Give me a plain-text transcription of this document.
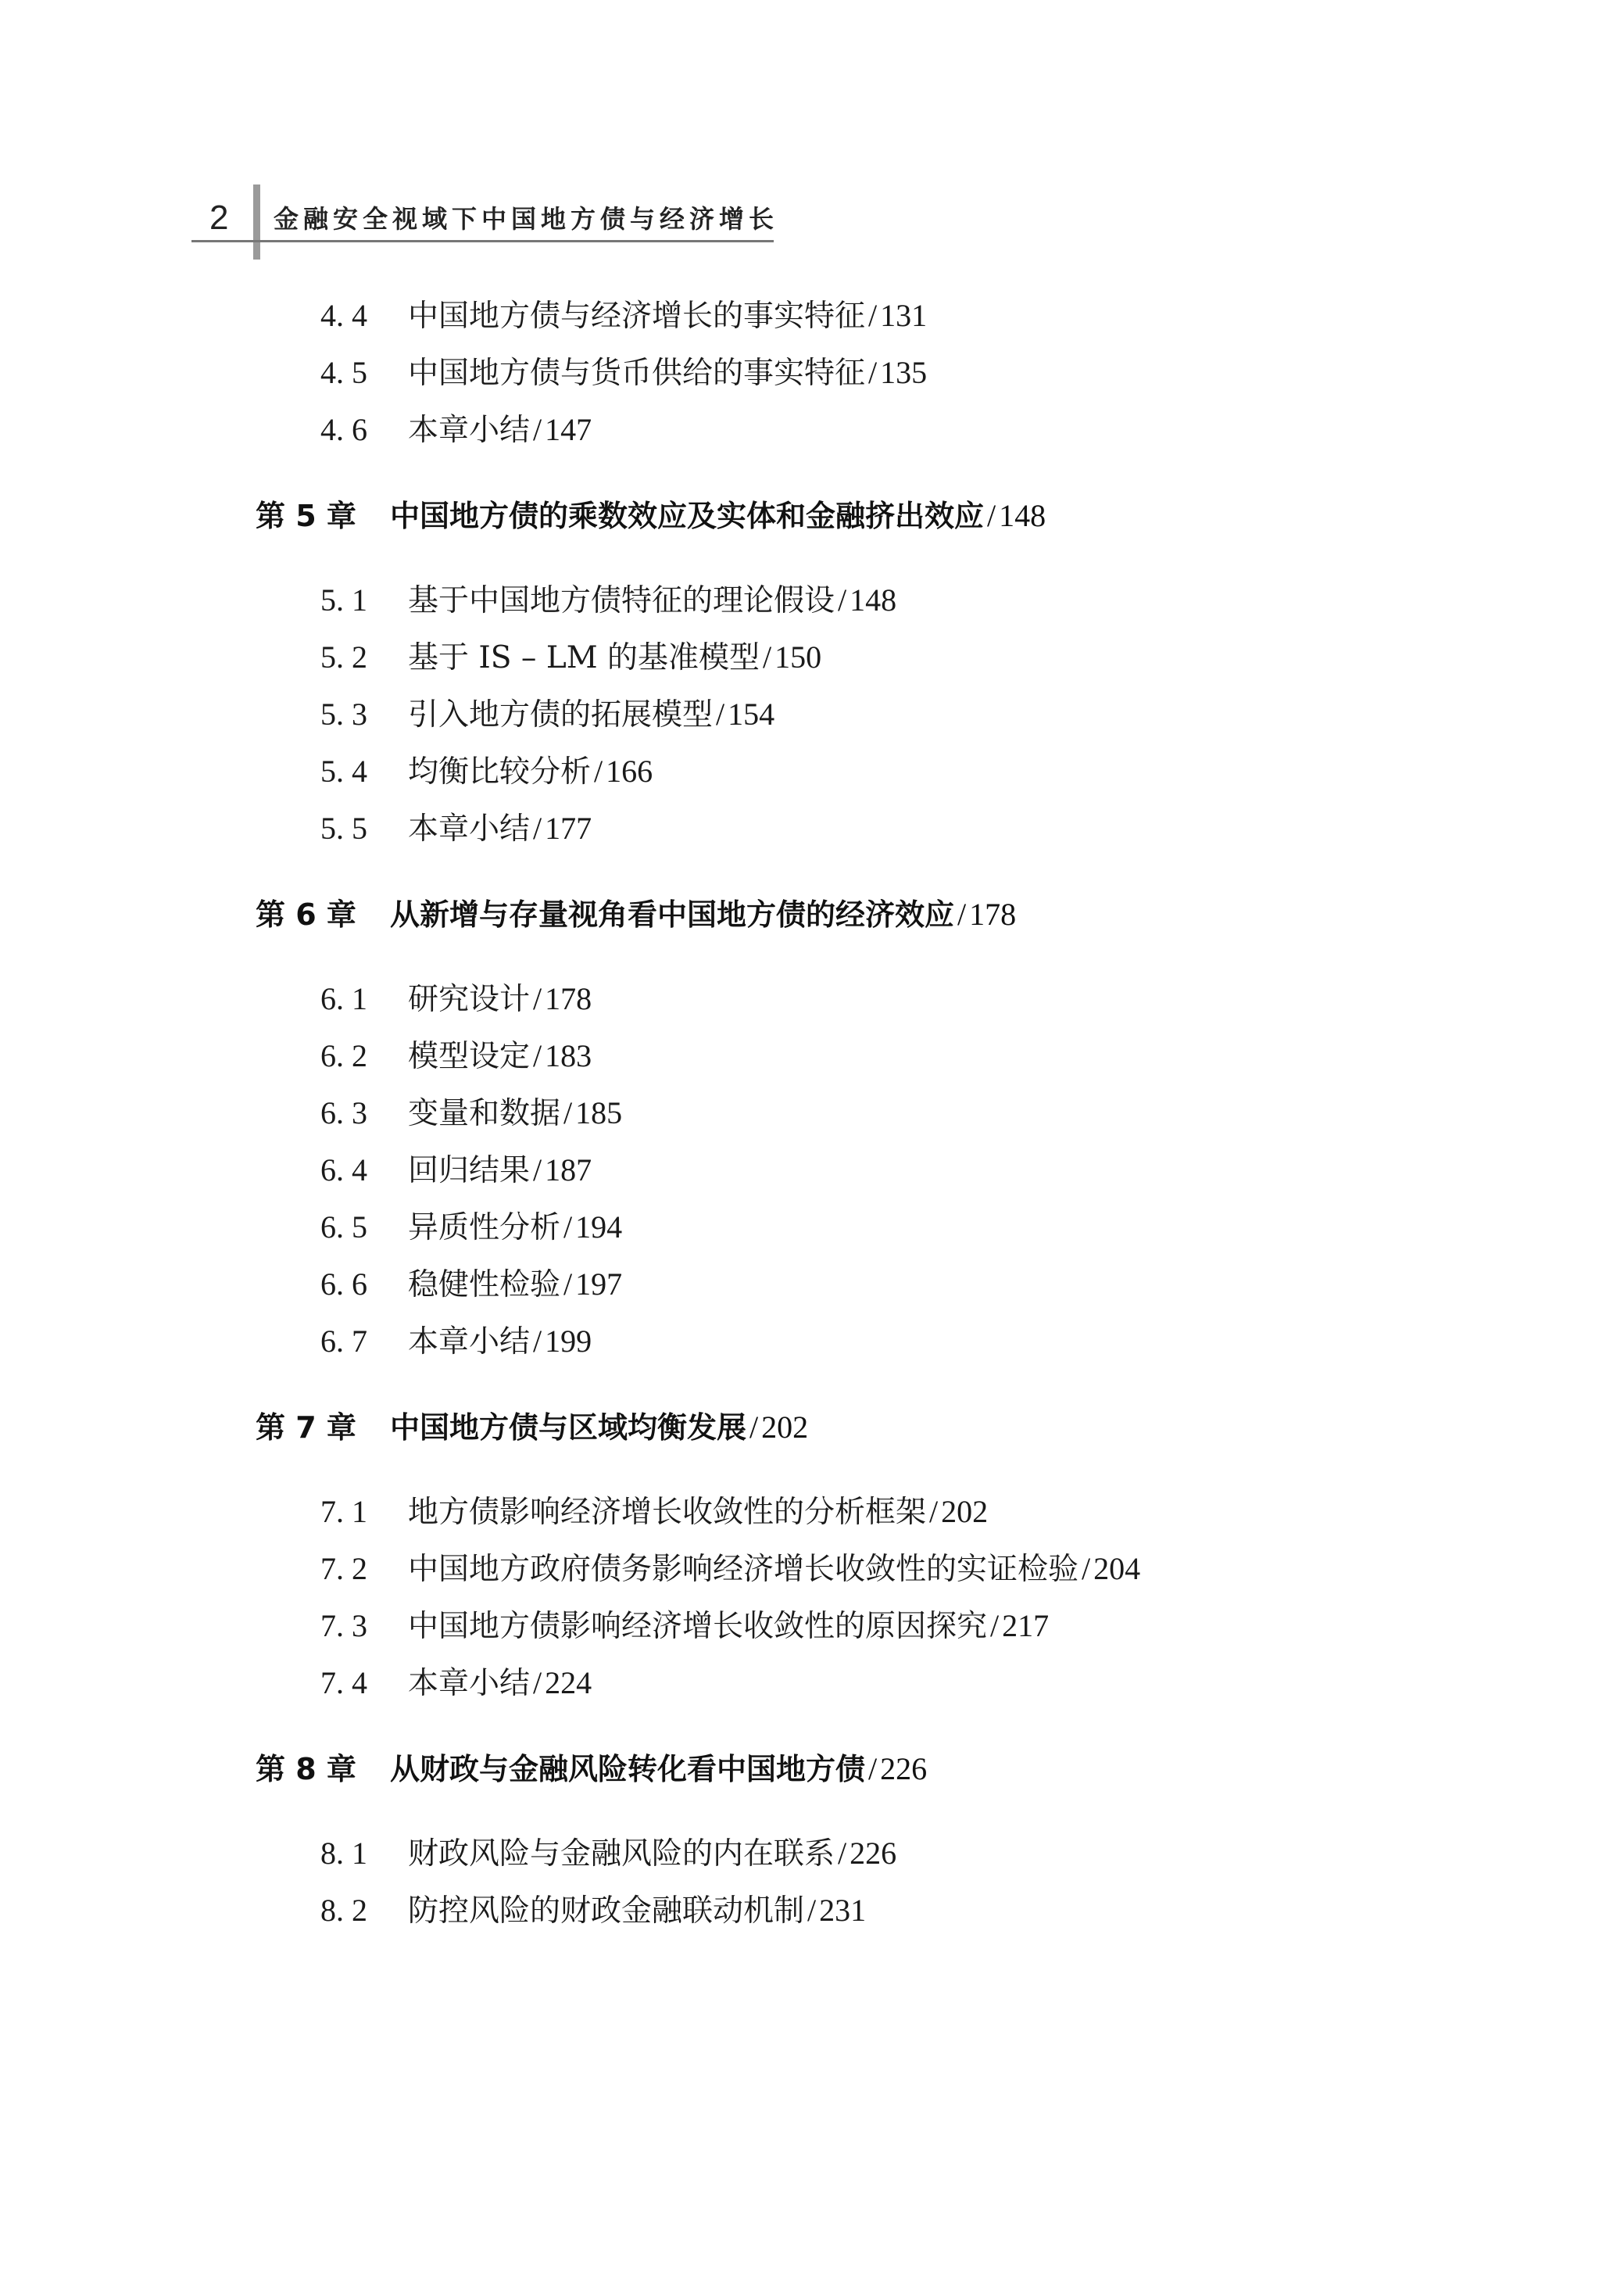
2 金融安全视域下中国地方债与经济增长
4. 4 中国地方债与经济增长的事实特征 / 131
4. 5 中国地方债与货币供给的事实特征 / 135
4. 6 本章小结 / 147
第 5 章 中国地方债的乘数效应及实体和金融挤出效应 / 148
5. 1 基于中国地方债特征的理论假设 / 148
5. 2 基于 IS – LM 的基准模型 / 150
5. 3 引入地方债的拓展模型 / 154
5. 4 均衡比较分析 / 166
5. 5 本章小结 / 177
第 6 章 从新增与存量视角看中国地方债的经济效应 / 178
6. 1 研究设计 / 178
6. 2 模型设定 / 183
6. 3 变量和数据 / 185
6. 4 回归结果 / 187
6. 5 异质性分析 / 194
6. 6 稳健性检验 / 197
6. 7 本章小结 / 199
第 7 章 中国地方债与区域均衡发展 / 202
7. 1 地方债影响经济增长收敛性的分析框架 / 202
7. 2 中国地方政府债务影响经济增长收敛性的实证检验 / 204
7. 3 中国地方债影响经济增长收敛性的原因探究 / 217
7. 4 本章小结 / 224
第 8 章 从财政与金融风险转化看中国地方债 / 226
8. 1 财政风险与金融风险的内在联系 / 226
8. 2 防控风险的财政金融联动机制 / 231
